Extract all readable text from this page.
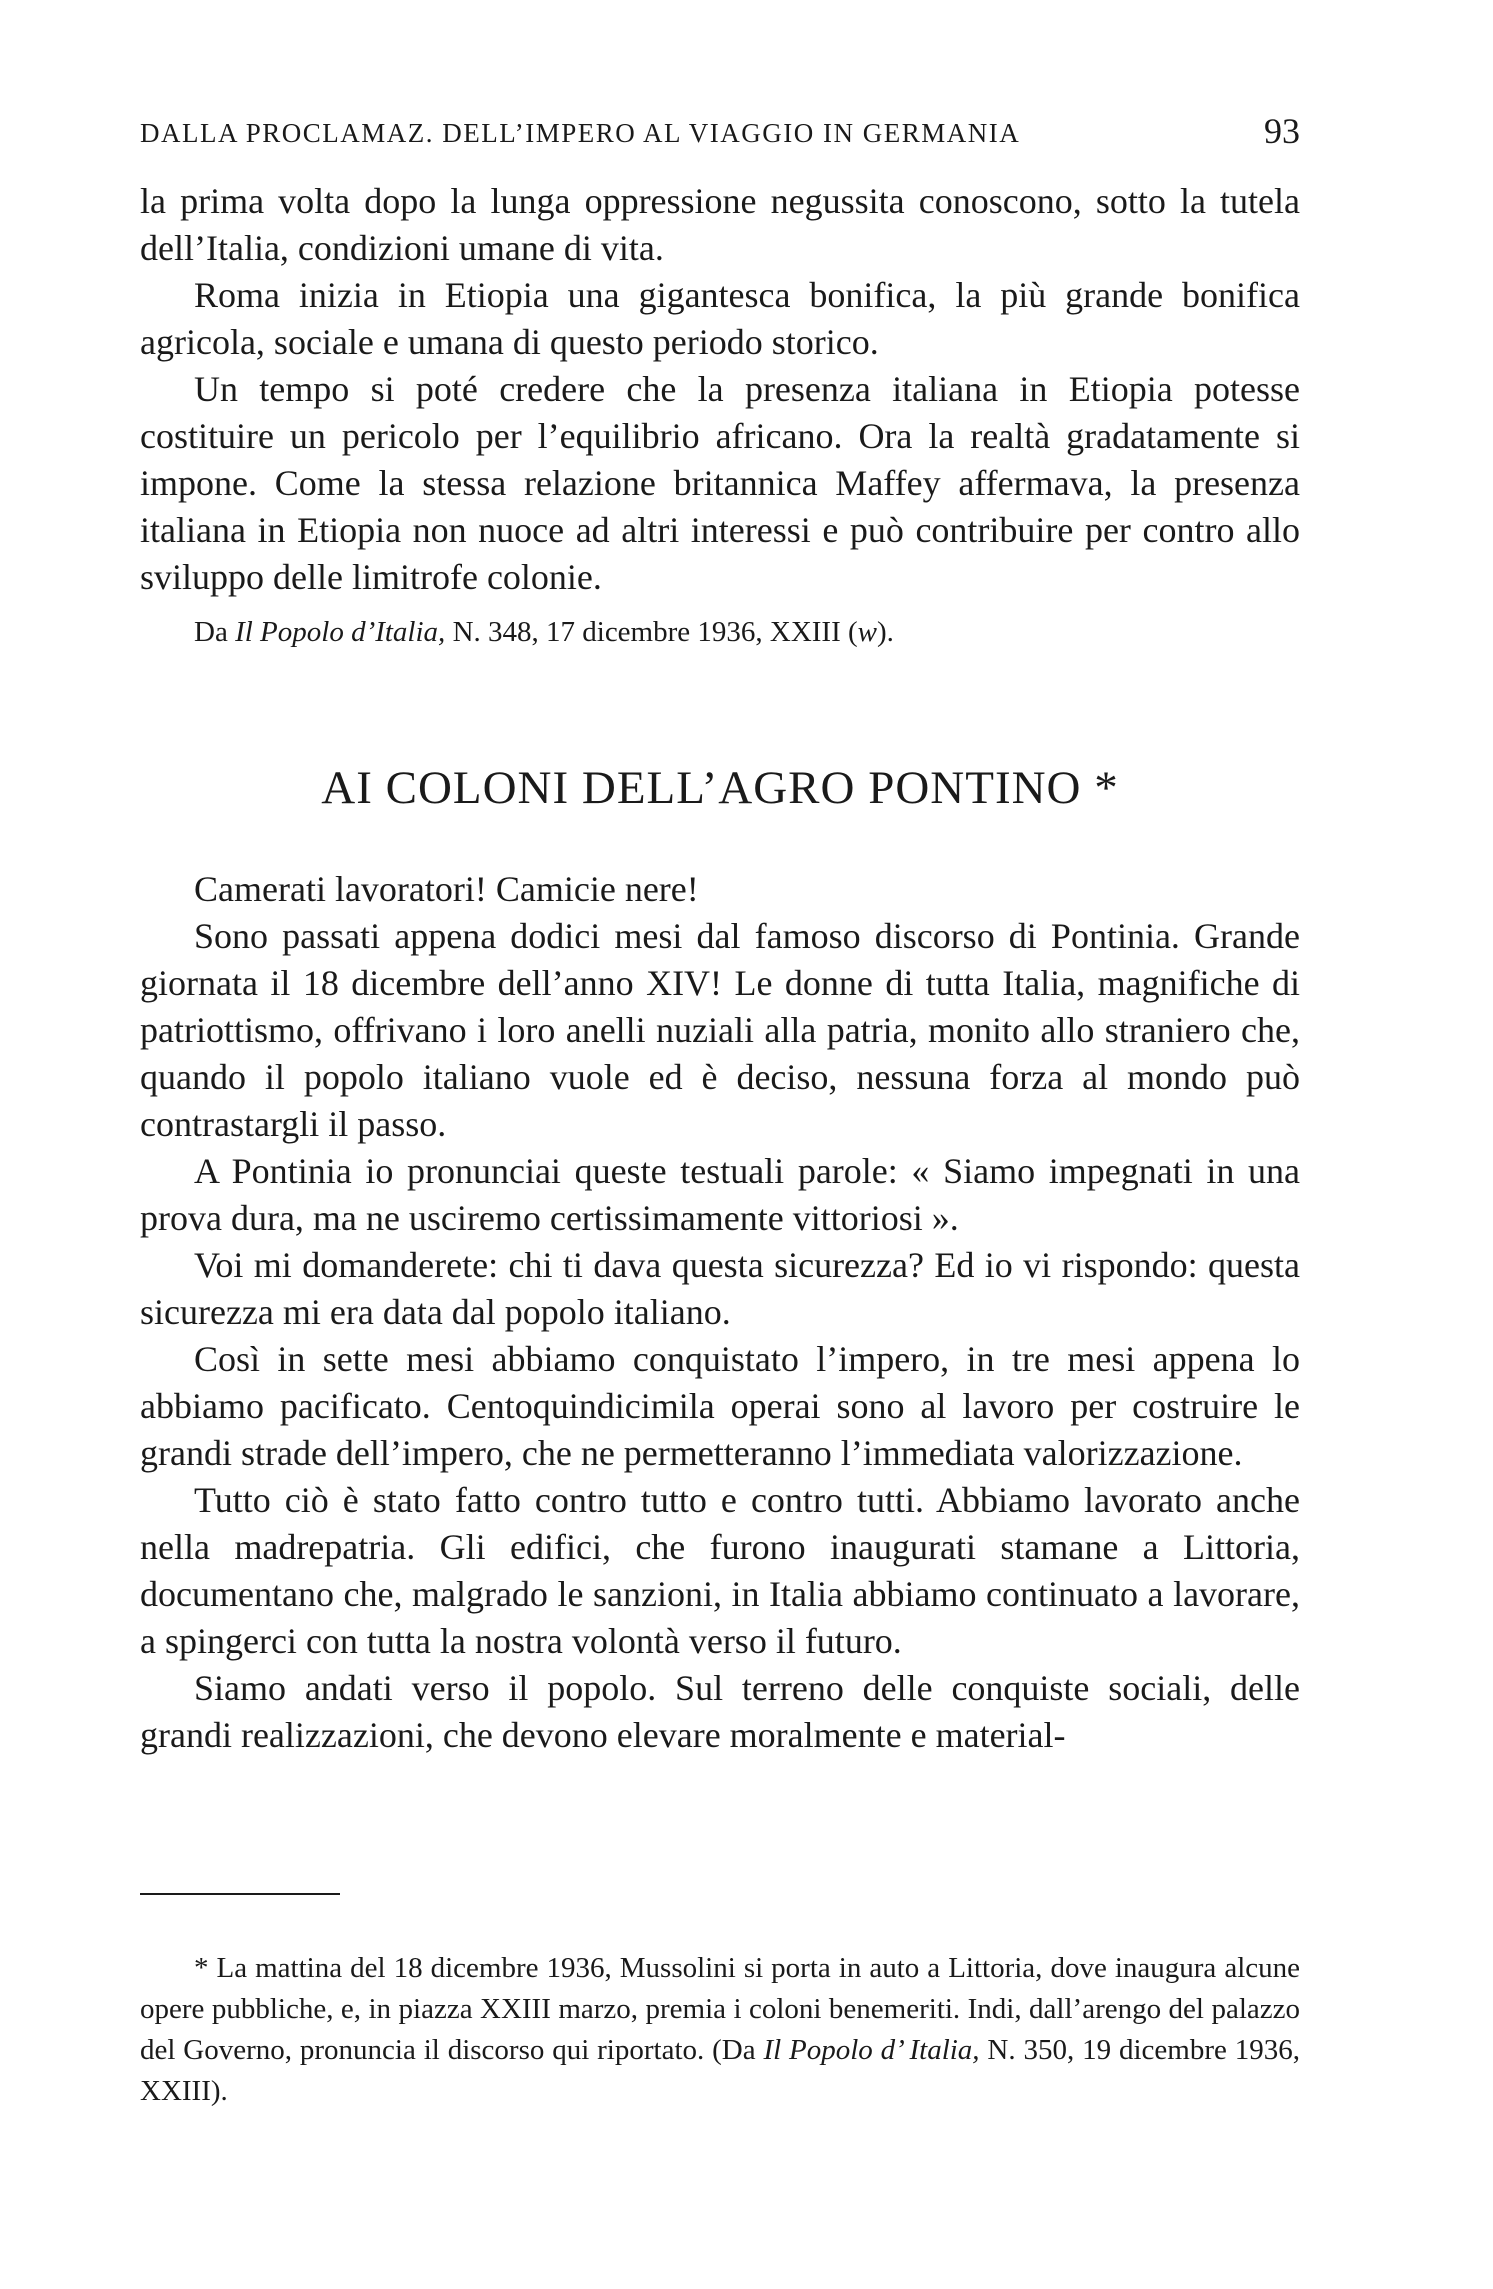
DALLA PROCLAMAZ. DELL’IMPERO AL VIAGGIO IN GERMANIA	93

la prima volta dopo la lunga oppressione negussita conoscono, sotto la tutela dell’Italia, condizioni umane di vita.

Roma inizia in Etiopia una gigantesca bonifica, la più grande bonifica agricola, sociale e umana di questo periodo storico.

Un tempo si poté credere che la presenza italiana in Etiopia potesse costituire un pericolo per l’equilibrio africano. Ora la realtà gradatamente si impone. Come la stessa relazione britannica Maffey affermava, la presenza italiana in Etiopia non nuoce ad altri interessi e può contribuire per contro allo sviluppo delle limitrofe colonie.

Da Il Popolo d’Italia, N. 348, 17 dicembre 1936, XXIII (w).
AI COLONI DELL’AGRO PONTINO *

Camerati lavoratori! Camicie nere!

Sono passati appena dodici mesi dal famoso discorso di Pontinia. Grande giornata il 18 dicembre dell’anno XIV! Le donne di tutta Italia, magnifiche di patriottismo, offrivano i loro anelli nuziali alla patria, monito allo straniero che, quando il popolo italiano vuole ed è deciso, nessuna forza al mondo può contrastargli il passo.

A Pontinia io pronunciai queste testuali parole: « Siamo impegnati in una prova dura, ma ne usciremo certissimamente vittoriosi ».

Voi mi domanderete: chi ti dava questa sicurezza? Ed io vi rispondo: questa sicurezza mi era data dal popolo italiano.

Così in sette mesi abbiamo conquistato l’impero, in tre mesi appena lo abbiamo pacificato. Centoquindicimila operai sono al lavoro per costruire le grandi strade dell’impero, che ne permetteranno l’immediata valorizzazione.

Tutto ciò è stato fatto contro tutto e contro tutti. Abbiamo lavorato anche nella madrepatria. Gli edifici, che furono inaugurati stamane a Littoria, documentano che, malgrado le sanzioni, in Italia abbiamo continuato a lavorare, a spingerci con tutta la nostra volontà verso il futuro.

Siamo andati verso il popolo. Sul terreno delle conquiste sociali, delle grandi realizzazioni, che devono elevare moralmente e material-

* La mattina del 18 dicembre 1936, Mussolini si porta in auto a Littoria, dove inaugura alcune opere pubbliche, e, in piazza XXIII marzo, premia i coloni benemeriti. Indi, dall’arengo del palazzo del Governo, pronuncia il discorso qui riportato. (Da Il Popolo d’ Italia, N. 350, 19 dicembre 1936, XXIII).
